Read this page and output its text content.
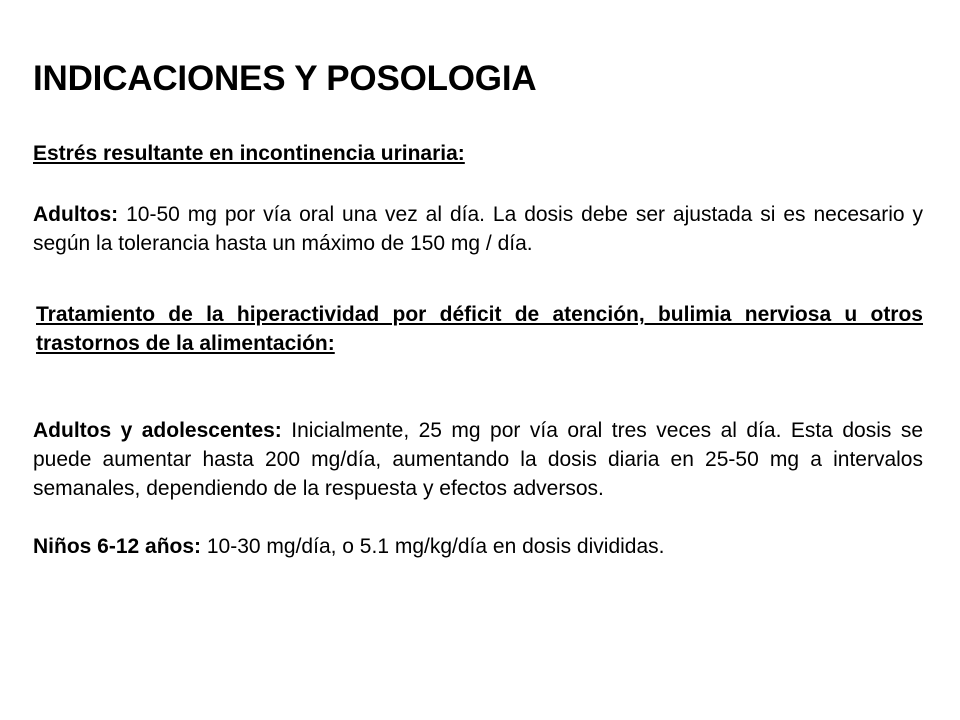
INDICACIONES Y POSOLOGIA

Estrés resultante en incontinencia urinaria:

Adultos: 10-50 mg por vía oral una vez al día. La dosis debe ser ajustada si es necesario y según la tolerancia hasta un máximo de 150 mg / día.

Tratamiento de la hiperactividad por déficit de atención, bulimia nerviosa u otros trastornos de la alimentación:

Adultos y adolescentes: Inicialmente, 25 mg por vía oral tres veces al día. Esta dosis se puede aumentar hasta 200 mg/día, aumentando la dosis diaria en 25-50 mg a intervalos semanales, dependiendo de la respuesta y efectos adversos.

Niños 6-12 años: 10-30 mg/día, o 5.1 mg/kg/día en dosis divididas.
